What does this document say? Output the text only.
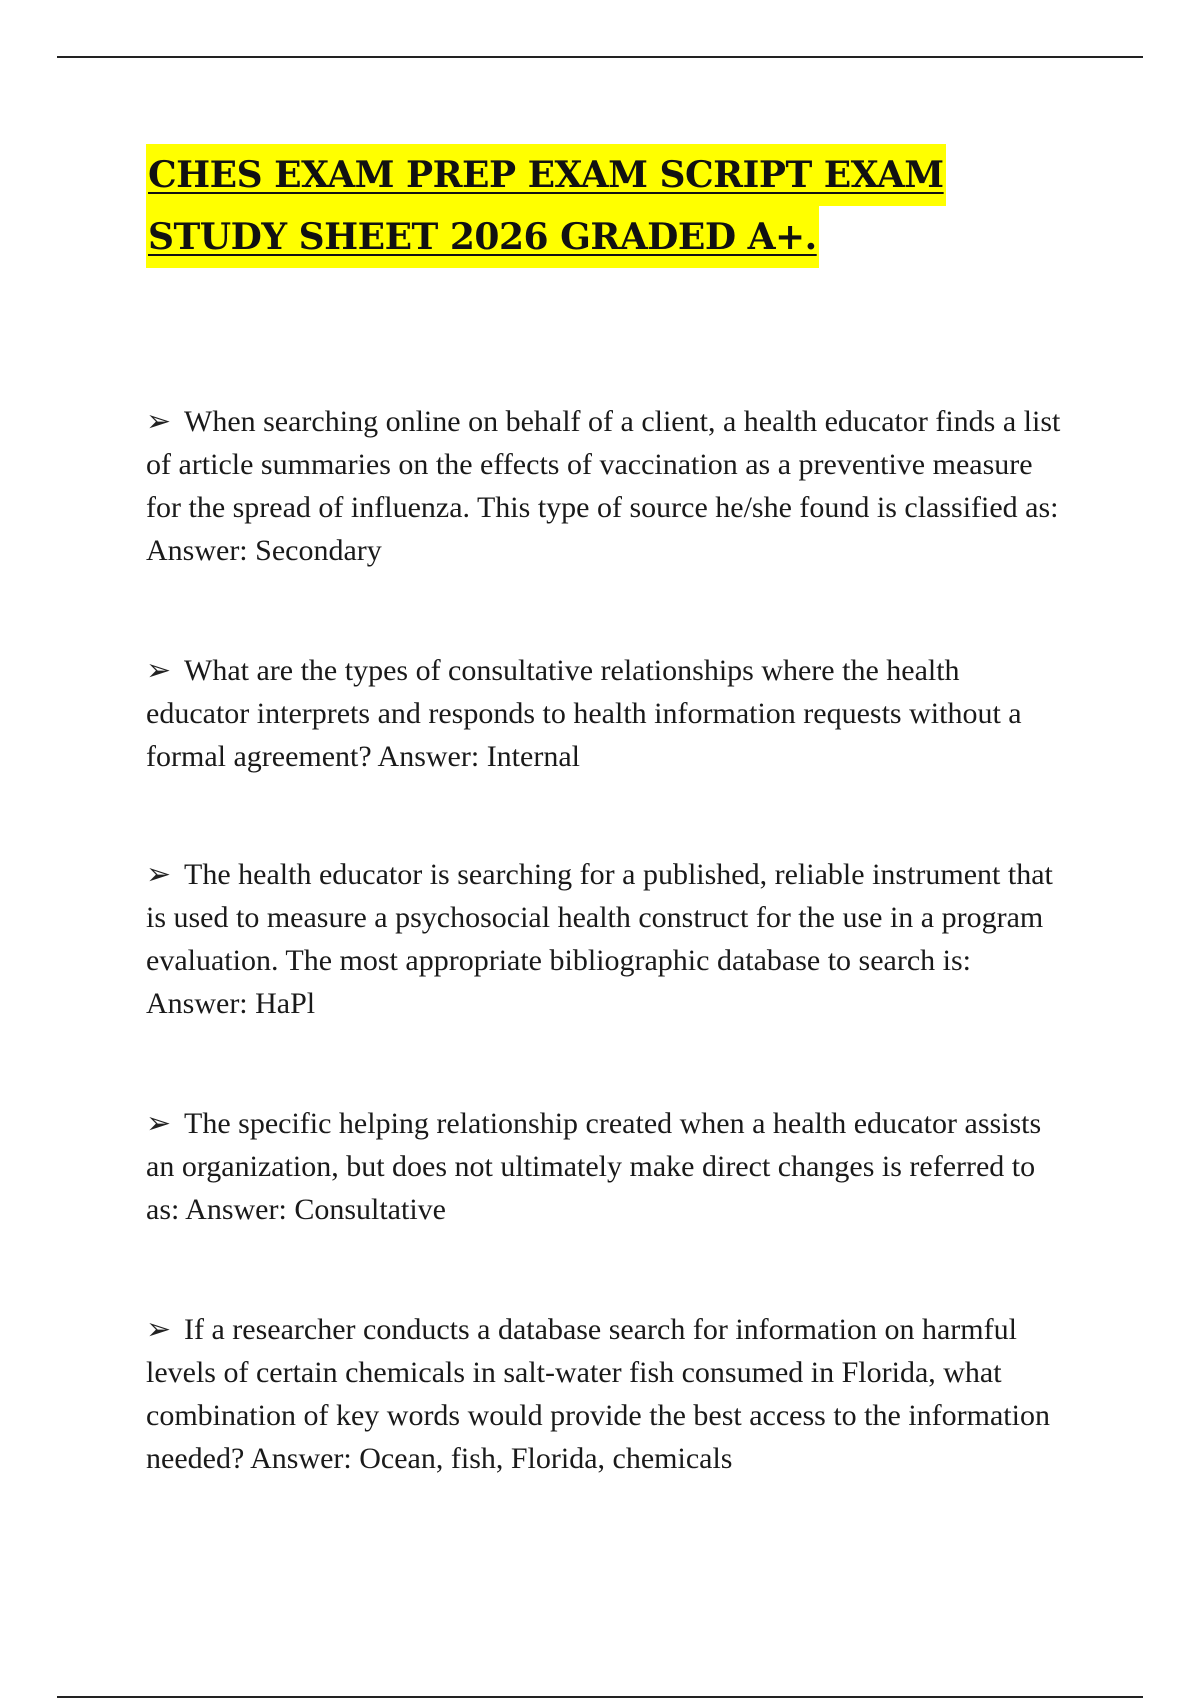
CHES EXAM PREP EXAM SCRIPT EXAM
STUDY SHEET 2026 GRADED A+.

➢ When searching online on behalf of a client, a health educator finds a list of article summaries on the effects of vaccination as a preventive measure for the spread of influenza. This type of source he/she found is classified as: Answer: Secondary

➢ What are the types of consultative relationships where the health educator interprets and responds to health information requests without a formal agreement? Answer: Internal

➢ The health educator is searching for a published, reliable instrument that is used to measure a psychosocial health construct for the use in a program evaluation. The most appropriate bibliographic database to search is: Answer: HaPl

➢ The specific helping relationship created when a health educator assists an organization, but does not ultimately make direct changes is referred to as: Answer: Consultative

➢ If a researcher conducts a database search for information on harmful levels of certain chemicals in salt-water fish consumed in Florida, what combination of key words would provide the best access to the information needed? Answer: Ocean, fish, Florida, chemicals
